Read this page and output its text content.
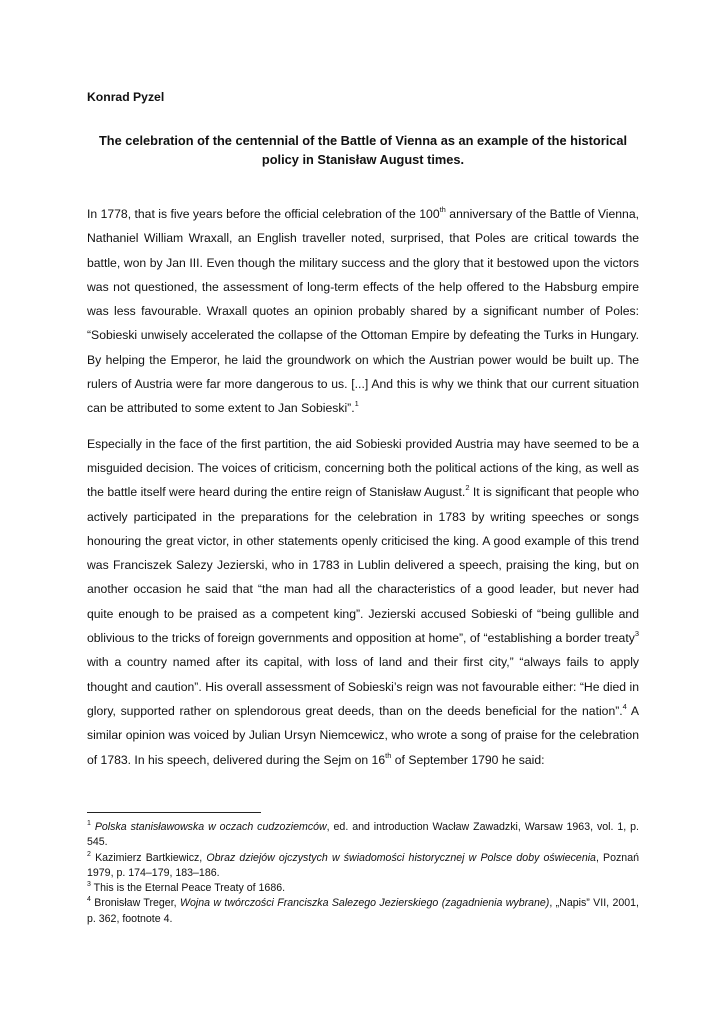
Konrad Pyzel
The celebration of the centennial of the Battle of Vienna as an example of the historical policy in Stanisław August times.

In 1778, that is five years before the official celebration of the 100th anniversary of the Battle of Vienna, Nathaniel William Wraxall, an English traveller noted, surprised, that Poles are critical towards the battle, won by Jan III. Even though the military success and the glory that it bestowed upon the victors was not questioned, the assessment of long-term effects of the help offered to the Habsburg empire was less favourable. Wraxall quotes an opinion probably shared by a significant number of Poles: “Sobieski unwisely accelerated the collapse of the Ottoman Empire by defeating the Turks in Hungary. By helping the Emperor, he laid the groundwork on which the Austrian power would be built up. The rulers of Austria were far more dangerous to us. [...] And this is why we think that our current situation can be attributed to some extent to Jan Sobieski”.$^1$

Especially in the face of the first partition, the aid Sobieski provided Austria may have seemed to be a misguided decision. The voices of criticism, concerning both the political actions of the king, as well as the battle itself were heard during the entire reign of Stanisław August.$^2$ It is significant that people who actively participated in the preparations for the celebration in 1783 by writing speeches or songs honouring the great victor, in other statements openly criticised the king. A good example of this trend was Franciszek Salezy Jezierski, who in 1783 in Lublin delivered a speech, praising the king, but on another occasion he said that “the man had all the characteristics of a good leader, but never had quite enough to be praised as a competent king”. Jezierski accused Sobieski of “being gullible and oblivious to the tricks of foreign governments and opposition at home”, of “establishing a border treaty$^3$ with a country named after its capital, with loss of land and their first city,” “always fails to apply thought and caution”. His overall assessment of Sobieski’s reign was not favourable either: “He died in glory, supported rather on splendorous great deeds, than on the deeds beneficial for the nation”.$^4$ A similar opinion was voiced by Julian Ursyn Niemcewicz, who wrote a song of praise for the celebration of 1783. In his speech, delivered during the Sejm on 16th of September 1790 he said:

$^1$ Polska stanisławowska w oczach cudzoziemców, ed. and introduction Wacław Zawadzki, Warsaw 1963, vol. 1, p. 545.

$^2$ Kazimierz Bartkiewicz, Obraz dziejów ojczystych w świadomości historycznej w Polsce doby oświecenia, Poznań 1979, p. 174–179, 183–186.

$^3$ This is the Eternal Peace Treaty of 1686.

$^4$ Bronisław Treger, Wojna w twórczości Franciszka Salezego Jezierskiego (zagadnienia wybrane), „Napis” VII, 2001, p. 362, footnote 4.
